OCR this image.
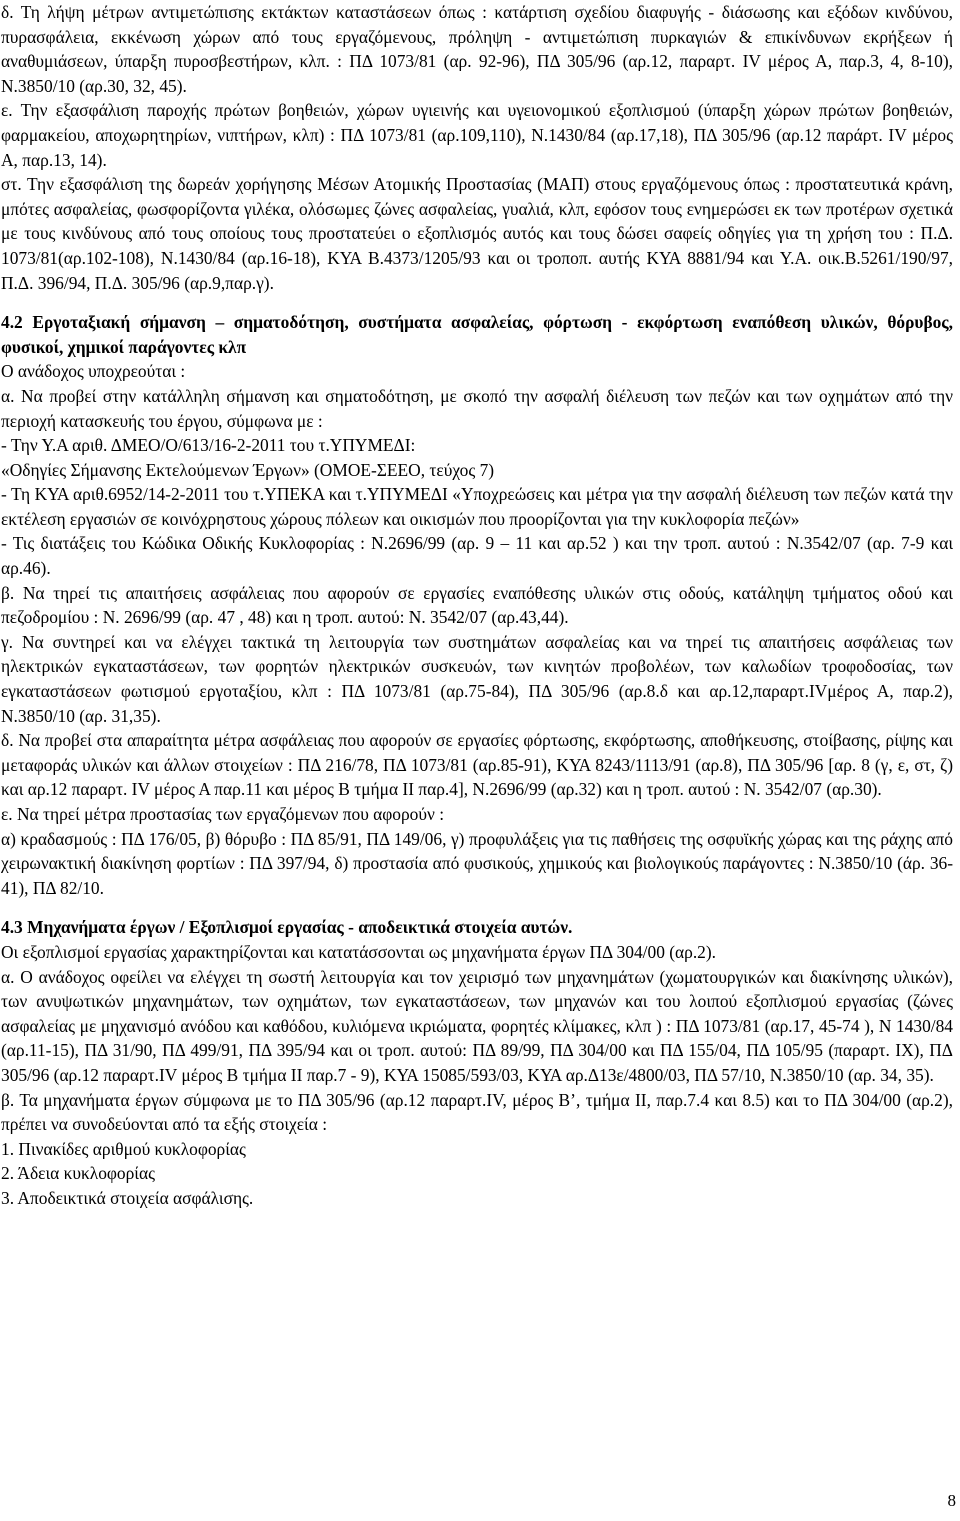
δ. Τη λήψη μέτρων αντιμετώπισης εκτάκτων καταστάσεων όπως : κατάρτιση σχεδίου διαφυγής - διάσωσης και εξόδων κινδύνου, πυρασφάλεια, εκκένωση χώρων από τους εργαζόμενους, πρόληψη - αντιμετώπιση πυρκαγιών & επικίνδυνων εκρήξεων ή αναθυμιάσεων, ύπαρξη πυροσβεστήρων, κλπ. : ΠΔ 1073/81 (αρ. 92-96), ΠΔ 305/96 (αρ.12, παραρτ. IV μέρος Α, παρ.3, 4, 8-10), Ν.3850/10 (αρ.30, 32, 45).

ε. Την εξασφάλιση παροχής πρώτων βοηθειών, χώρων υγιεινής και υγειονομικού εξοπλισμού (ύπαρξη χώρων πρώτων βοηθειών, φαρμακείου, αποχωρητηρίων, νιπτήρων, κλπ) : ΠΔ 1073/81 (αρ.109,110), Ν.1430/84 (αρ.17,18), ΠΔ 305/96 (αρ.12 παράρτ. IV μέρος Α, παρ.13, 14).

στ. Την εξασφάλιση της δωρεάν χορήγησης Μέσων Ατομικής Προστασίας (ΜΑΠ) στους εργαζόμενους όπως : προστατευτικά κράνη, μπότες ασφαλείας, φωσφορίζοντα γιλέκα, ολόσωμες ζώνες ασφαλείας, γυαλιά, κλπ, εφόσον τους ενημερώσει εκ των προτέρων σχετικά με τους κινδύνους από τους οποίους τους προστατεύει ο εξοπλισμός αυτός και τους δώσει σαφείς οδηγίες για τη χρήση του : Π.Δ. 1073/81(αρ.102-108), Ν.1430/84 (αρ.16-18), ΚΥΑ Β.4373/1205/93 και οι τροποπ. αυτής ΚΥΑ 8881/94 και Υ.Α. οικ.Β.5261/190/97, Π.Δ. 396/94, Π.Δ. 305/96 (αρ.9,παρ.γ).

4.2 Εργοταξιακή σήμανση – σηματοδότηση, συστήματα ασφαλείας, φόρτωση - εκφόρτωση εναπόθεση υλικών, θόρυβος, φυσικοί, χημικοί παράγοντες κλπ

Ο ανάδοχος υποχρεούται :

α. Να προβεί στην κατάλληλη σήμανση και σηματοδότηση, με σκοπό την ασφαλή διέλευση των πεζών και των οχημάτων από την περιοχή κατασκευής του έργου, σύμφωνα με :

- Την Υ.Α αριθ. ΔΜΕΟ/Ο/613/16-2-2011 του τ.ΥΠΥΜΕΔΙ:

«Οδηγίες Σήμανσης Εκτελούμενων Έργων» (ΟΜΟΕ-ΣΕΕΟ, τεύχος 7)

- Τη ΚΥΑ αριθ.6952/14-2-2011 του τ.ΥΠΕΚΑ και τ.ΥΠΥΜΕΔΙ «Υποχρεώσεις και μέτρα για την ασφαλή διέλευση των πεζών κατά την εκτέλεση εργασιών σε κοινόχρηστους χώρους πόλεων και οικισμών που προορίζονται για την κυκλοφορία πεζών»

- Τις διατάξεις του Κώδικα Οδικής Κυκλοφορίας : Ν.2696/99 (αρ. 9 – 11 και αρ.52 ) και την τροπ. αυτού : Ν.3542/07 (αρ. 7-9 και αρ.46).

β. Να τηρεί τις απαιτήσεις ασφάλειας που αφορούν σε εργασίες εναπόθεσης υλικών στις οδούς, κατάληψη τμήματος οδού και πεζοδρομίου : Ν. 2696/99 (αρ. 47 , 48) και η τροπ. αυτού: Ν. 3542/07 (αρ.43,44).

γ. Να συντηρεί και να ελέγχει τακτικά τη λειτουργία των συστημάτων ασφαλείας και να τηρεί τις απαιτήσεις ασφάλειας των ηλεκτρικών εγκαταστάσεων, των φορητών ηλεκτρικών συσκευών, των κινητών προβολέων, των καλωδίων τροφοδοσίας, των εγκαταστάσεων φωτισμού εργοταξίου, κλπ : ΠΔ 1073/81 (αρ.75-84), ΠΔ 305/96 (αρ.8.δ και αρ.12,παραρτ.IVμέρος Α, παρ.2), Ν.3850/10 (αρ. 31,35).

δ. Να προβεί στα απαραίτητα μέτρα ασφάλειας που αφορούν σε εργασίες φόρτωσης, εκφόρτωσης, αποθήκευσης, στοίβασης, ρίψης και μεταφοράς υλικών και άλλων στοιχείων : ΠΔ 216/78, ΠΔ 1073/81 (αρ.85-91), ΚΥΑ 8243/1113/91 (αρ.8), ΠΔ 305/96 [αρ. 8 (γ, ε, στ, ζ) και αρ.12 παραρτ. IV μέρος Α παρ.11 και μέρος Β τμήμα ΙΙ παρ.4], Ν.2696/99 (αρ.32) και η τροπ. αυτού : Ν. 3542/07 (αρ.30).

ε. Να τηρεί μέτρα προστασίας των εργαζόμενων που αφορούν :

α) κραδασμούς : ΠΔ 176/05, β) θόρυβο : ΠΔ 85/91, ΠΔ 149/06, γ) προφυλάξεις για τις παθήσεις της οσφυϊκής χώρας και της ράχης από χειρωνακτική διακίνηση φορτίων : ΠΔ 397/94, δ) προστασία από φυσικούς, χημικούς και βιολογικούς παράγοντες : Ν.3850/10 (άρ. 36-41), ΠΔ 82/10.

4.3 Μηχανήματα έργων / Εξοπλισμοί εργασίας - αποδεικτικά στοιχεία αυτών.

Οι εξοπλισμοί εργασίας χαρακτηρίζονται και κατατάσσονται ως μηχανήματα έργων ΠΔ 304/00 (αρ.2).

α. Ο ανάδοχος οφείλει να ελέγχει τη σωστή λειτουργία και τον χειρισμό των μηχανημάτων (χωματουργικών και διακίνησης υλικών), των ανυψωτικών μηχανημάτων, των οχημάτων, των εγκαταστάσεων, των μηχανών και του λοιπού εξοπλισμού εργασίας (ζώνες ασφαλείας με μηχανισμό ανόδου και καθόδου, κυλιόμενα ικριώματα, φορητές κλίμακες, κλπ ) : ΠΔ 1073/81 (αρ.17, 45-74 ), Ν 1430/84 (αρ.11-15), ΠΔ 31/90, ΠΔ 499/91, ΠΔ 395/94 και οι τροπ. αυτού: ΠΔ 89/99, ΠΔ 304/00 και ΠΔ 155/04, ΠΔ 105/95 (παραρτ. ΙΧ), ΠΔ 305/96 (αρ.12 παραρτ.IV μέρος Β τμήμα ΙΙ παρ.7 - 9), ΚΥΑ 15085/593/03, ΚΥΑ αρ.Δ13ε/4800/03, ΠΔ 57/10, Ν.3850/10 (αρ. 34, 35).

β. Τα μηχανήματα έργων σύμφωνα με το ΠΔ 305/96 (αρ.12 παραρτ.IV, μέρος Β’, τμήμα ΙΙ, παρ.7.4 και 8.5) και το ΠΔ 304/00 (αρ.2), πρέπει να συνοδεύονται από τα εξής στοιχεία :

1. Πινακίδες αριθμού κυκλοφορίας

2. Άδεια κυκλοφορίας

3. Αποδεικτικά στοιχεία ασφάλισης.

8
